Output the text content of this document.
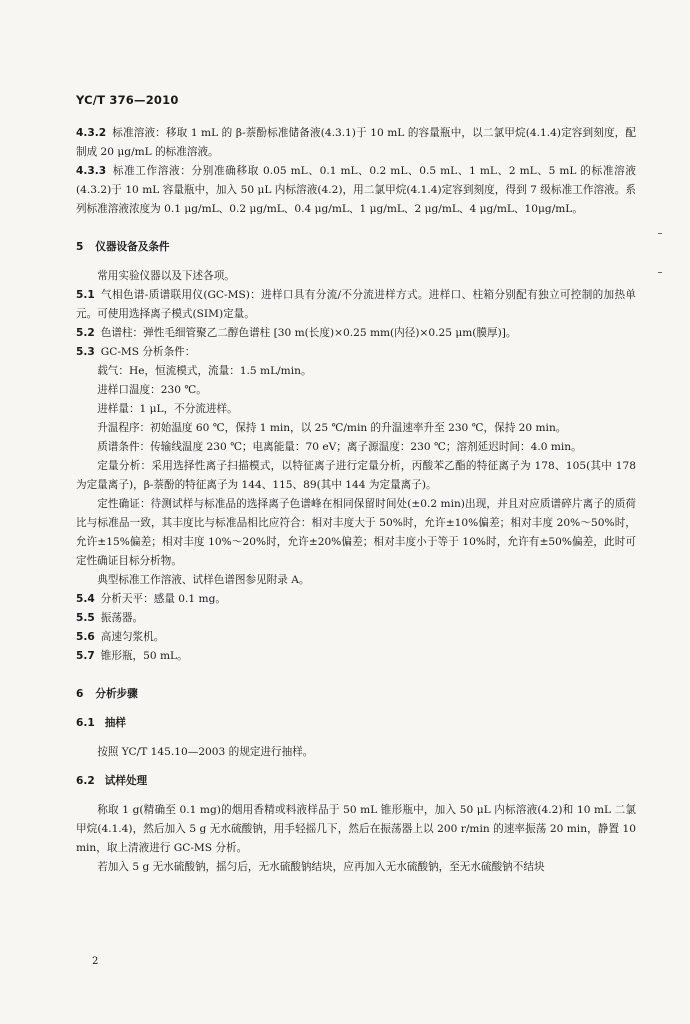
YC/T 376—2010

4.3.2 标准溶液：移取 1 mL 的 β-萘酚标准储备液(4.3.1)于 10 mL 的容量瓶中，以二氯甲烷(4.1.4)定容到刻度，配制成 20 μg/mL 的标准溶液。

4.3.3 标准工作溶液：分别准确移取 0.05 mL、0.1 mL、0.2 mL、0.5 mL、1 mL、2 mL、5 mL 的标准溶液(4.3.2)于 10 mL 容量瓶中，加入 50 μL 内标溶液(4.2)，用二氯甲烷(4.1.4)定容到刻度，得到 7 级标准工作溶液。系列标准溶液浓度为 0.1 μg/mL、0.2 μg/mL、0.4 μg/mL、1 μg/mL、2 μg/mL、4 μg/mL、10μg/mL。

5 仪器设备及条件

常用实验仪器以及下述各项。

5.1 气相色谱-质谱联用仪(GC-MS)：进样口具有分流/不分流进样方式。进样口、柱箱分别配有独立可控制的加热单元。可使用选择离子模式(SIM)定量。

5.2 色谱柱：弹性毛细管聚乙二醇色谱柱 [30 m(长度)×0.25 mm(内径)×0.25 μm(膜厚)]。

5.3 GC-MS 分析条件：

载气：He，恒流模式，流量：1.5 mL/min。

进样口温度：230 ℃。

进样量：1 μL，不分流进样。

升温程序：初始温度 60 ℃，保持 1 min，以 25 ℃/min 的升温速率升至 230 ℃，保持 20 min。

质谱条件：传输线温度 230 ℃；电离能量：70 eV；离子源温度：230 ℃；溶剂延迟时间：4.0 min。

定量分析：采用选择性离子扫描模式，以特征离子进行定量分析，丙酸苯乙酯的特征离子为 178、105(其中 178 为定量离子)，β-萘酚的特征离子为 144、115、89(其中 144 为定量离子)。

定性确证：待测试样与标准品的选择离子色谱峰在相同保留时间处(±0.2 min)出现，并且对应质谱碎片离子的质荷比与标准品一致，其丰度比与标准品相比应符合：相对丰度大于 50%时，允许±10%偏差；相对丰度 20%～50%时，允许±15%偏差；相对丰度 10%～20%时，允许±20%偏差；相对丰度小于等于 10%时，允许有±50%偏差，此时可定性确证目标分析物。

典型标准工作溶液、试样色谱图参见附录 A。

5.4 分析天平：感量 0.1 mg。

5.5 振荡器。

5.6 高速匀浆机。

5.7 锥形瓶，50 mL。

6 分析步骤

6.1 抽样

按照 YC/T 145.10—2003 的规定进行抽样。

6.2 试样处理

称取 1 g(精确至 0.1 mg)的烟用香精或料液样品于 50 mL 锥形瓶中，加入 50 μL 内标溶液(4.2)和 10 mL 二氯甲烷(4.1.4)，然后加入 5 g 无水硫酸钠，用手轻摇几下，然后在振荡器上以 200 r/min 的速率振荡 20 min，静置 10 min，取上清液进行 GC-MS 分析。

若加入 5 g 无水硫酸钠，摇匀后，无水硫酸钠结块，应再加入无水硫酸钠，至无水硫酸钠不结块

2
